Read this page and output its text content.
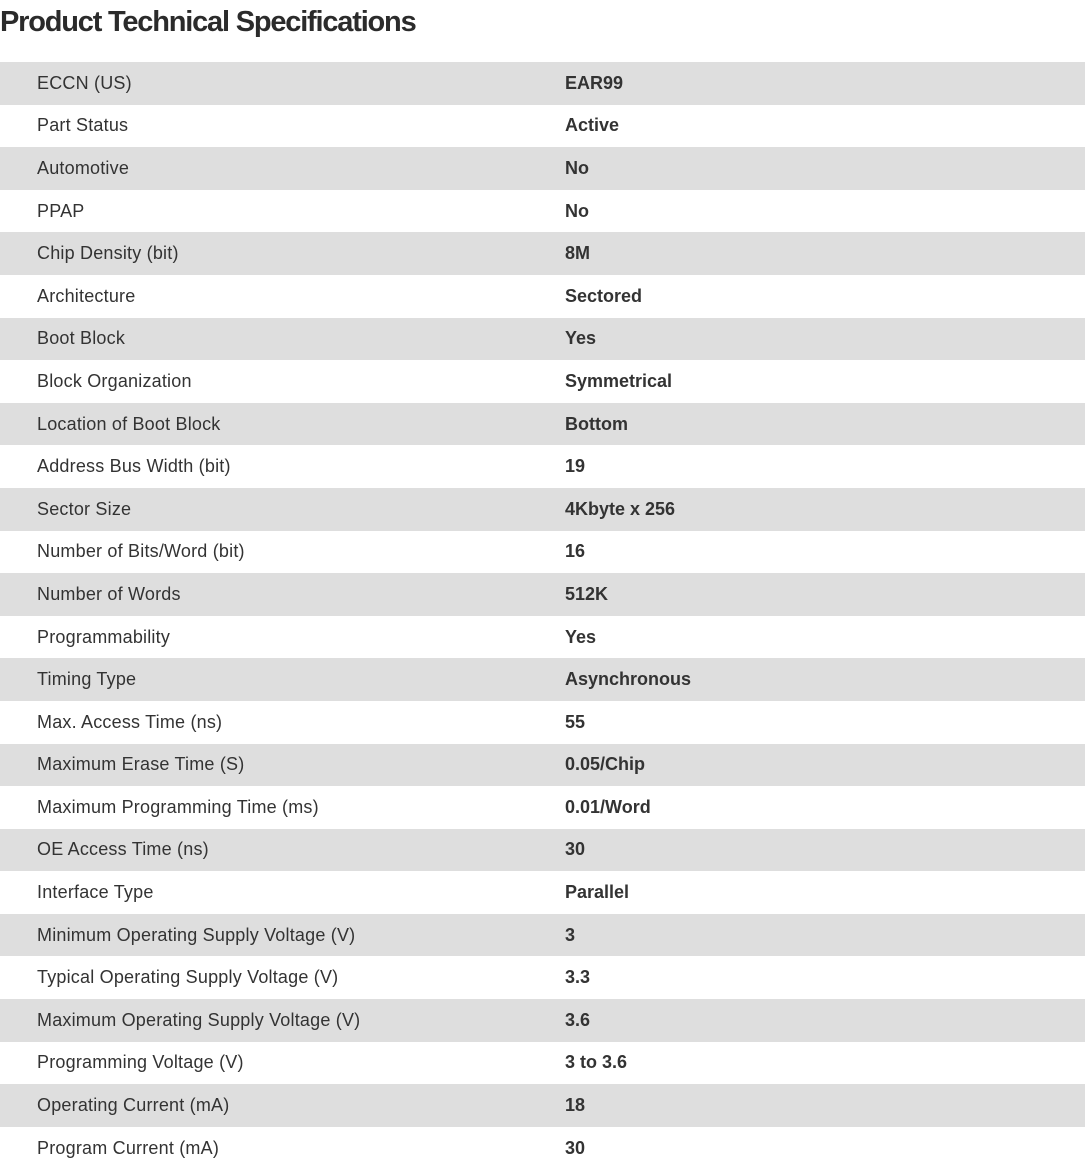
Product Technical Specifications
ECCN (US)	EAR99
Part Status	Active
Automotive	No
PPAP	No
Chip Density (bit)	8M
Architecture	Sectored
Boot Block	Yes
Block Organization	Symmetrical
Location of Boot Block	Bottom
Address Bus Width (bit)	19
Sector Size	4Kbyte x 256
Number of Bits/Word (bit)	16
Number of Words	512K
Programmability	Yes
Timing Type	Asynchronous
Max. Access Time (ns)	55
Maximum Erase Time (S)	0.05/Chip
Maximum Programming Time (ms)	0.01/Word
OE Access Time (ns)	30
Interface Type	Parallel
Minimum Operating Supply Voltage (V)	3
Typical Operating Supply Voltage (V)	3.3
Maximum Operating Supply Voltage (V)	3.6
Programming Voltage (V)	3 to 3.6
Operating Current (mA)	18
Program Current (mA)	30
